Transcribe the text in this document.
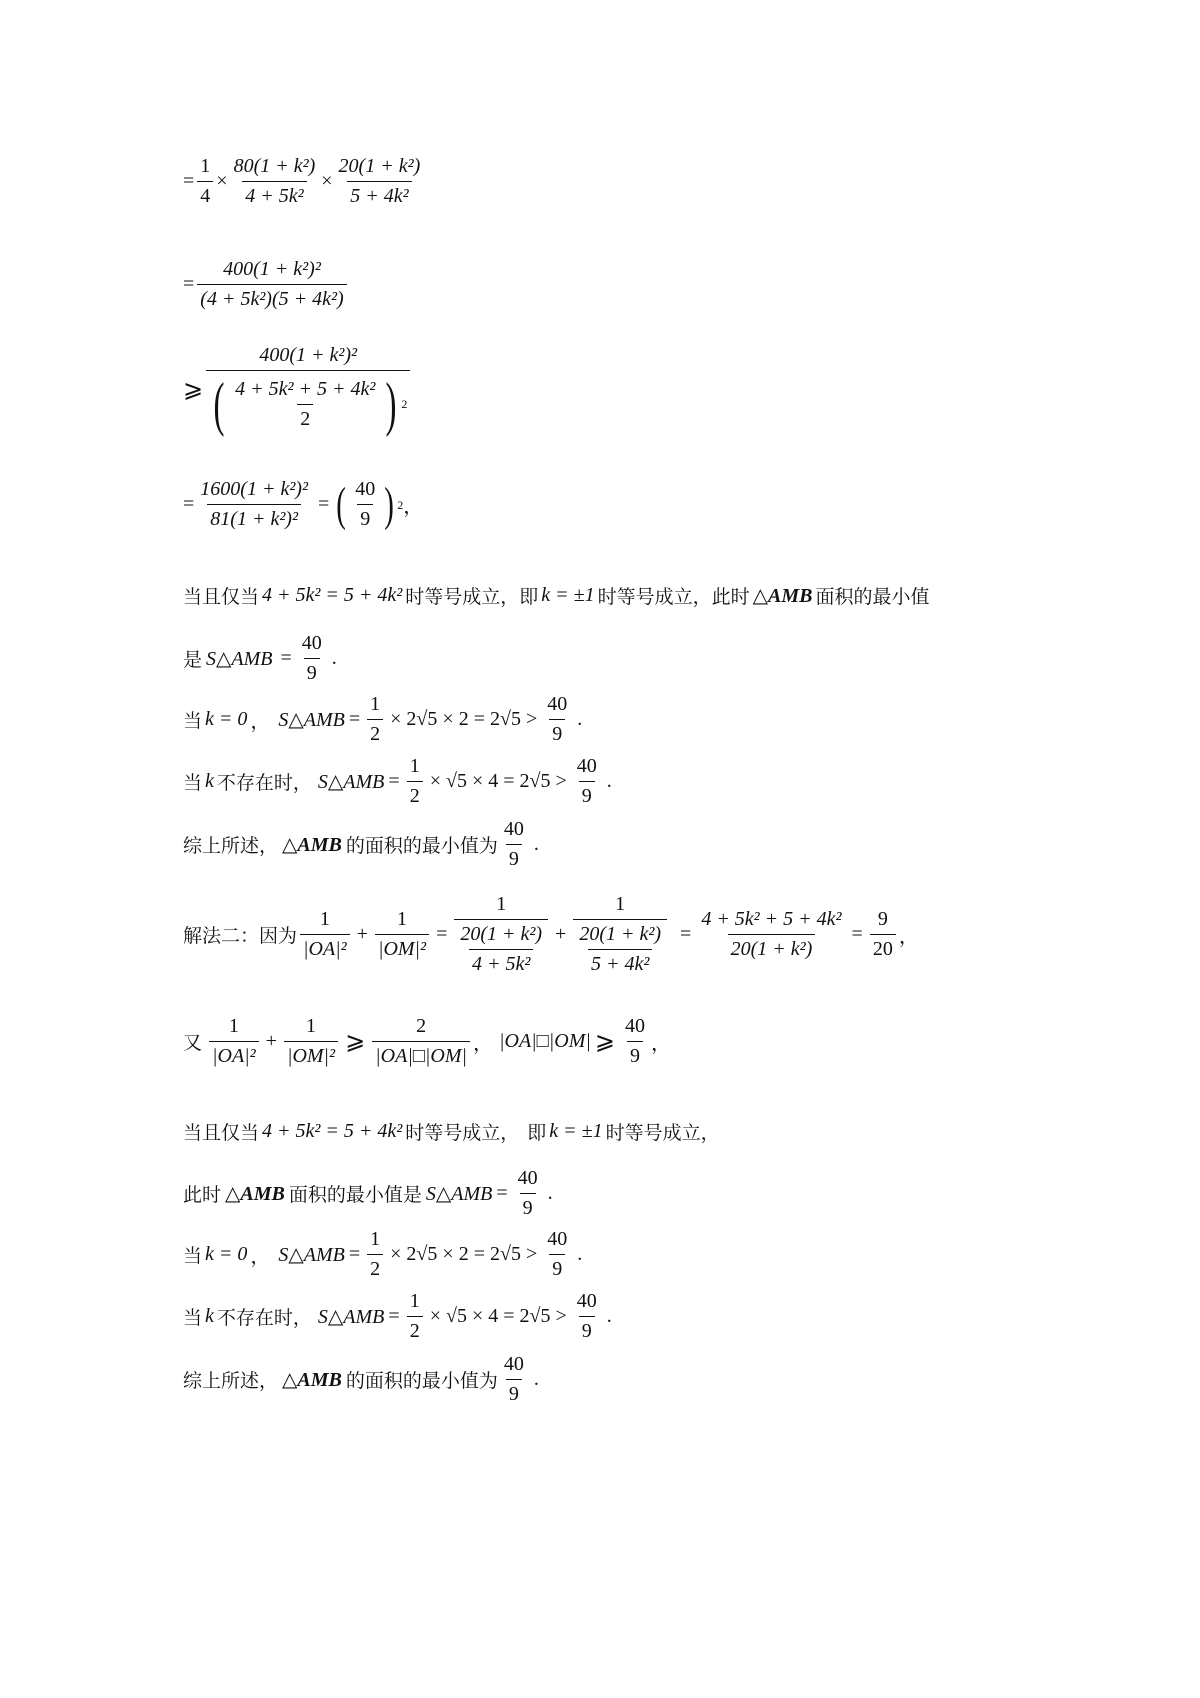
= $\frac{1}{4} \times \frac{\text{80(1 + k²)}}{\text{4 + 5k²}} \times \frac{\text{20(1 + k²)}}{\text{5 + 4k²}}$
= $\frac{\text{400(1 + k²)²}}{\text{(4 + 5k²)(5 + 4k²)}}$
⩾
400(1 + k²)²
( $\frac{\text{4 + 5k² + 5 + 4k²}}{2}$ ) 2
= $\frac{\text{1600(1 + k²)²}}{\text{81(1 + k²)²}}$ = ( $\frac{40}{9}$ ) 2 ，
当且仅当 4 + 5k² = 5 + 4k² 时等号成立，即 k = ±1 时等号成立，此时 △AMB 面积的最小值
是 S△AMB = $\frac{40}{9}$ .
当 k = 0 ， S△AMB = $\frac{1}{2} \times 2√5 \times 2 = 2√5 > \frac{40}{9}$ .
当 k 不存在时， S△AMB = $\frac{1}{2} \times √5 \times 4 = 2√5 > \frac{40}{9}$ .
综上所述， △AMB 的面积的最小值为 $\frac{40}{9}$ .
解法二：因为 $\frac{1}{\text{|OA|²}} + \frac{1}{\text{|OM|²}} = \frac{1}{\frac{\text{20(1 + k²)}}{\text{4 + 5k²}}} + \frac{1}{\frac{\text{20(1 + k²)}}{\text{5 + 4k²}}} = \frac{\text{4 + 5k² + 5 + 4k²}}{\text{20(1 + k²)}} = \frac{9}{20}$ ，
又 $\frac{1}{\text{|OA|²}} + \frac{1}{\text{|OM|²}}$ ⩾ $\frac{2}{|OA|□|OM|}$ ， |OA|□|OM| ⩾ $\frac{40}{9}$ ，
当且仅当 4 + 5k² = 5 + 4k² 时等号成立， 即 k = ±1 时等号成立，
此时 △AMB 面积的最小值是 S△AMB = $\frac{40}{9}$ .
当 k = 0 ， S△AMB = $\frac{1}{2} \times 2√5 \times 2 = 2√5 > \frac{40}{9}$ .
当 k 不存在时， S△AMB = $\frac{1}{2} \times √5 \times 4 = 2√5 > \frac{40}{9}$ .
综上所述， △AMB 的面积的最小值为 $\frac{40}{9}$ .
